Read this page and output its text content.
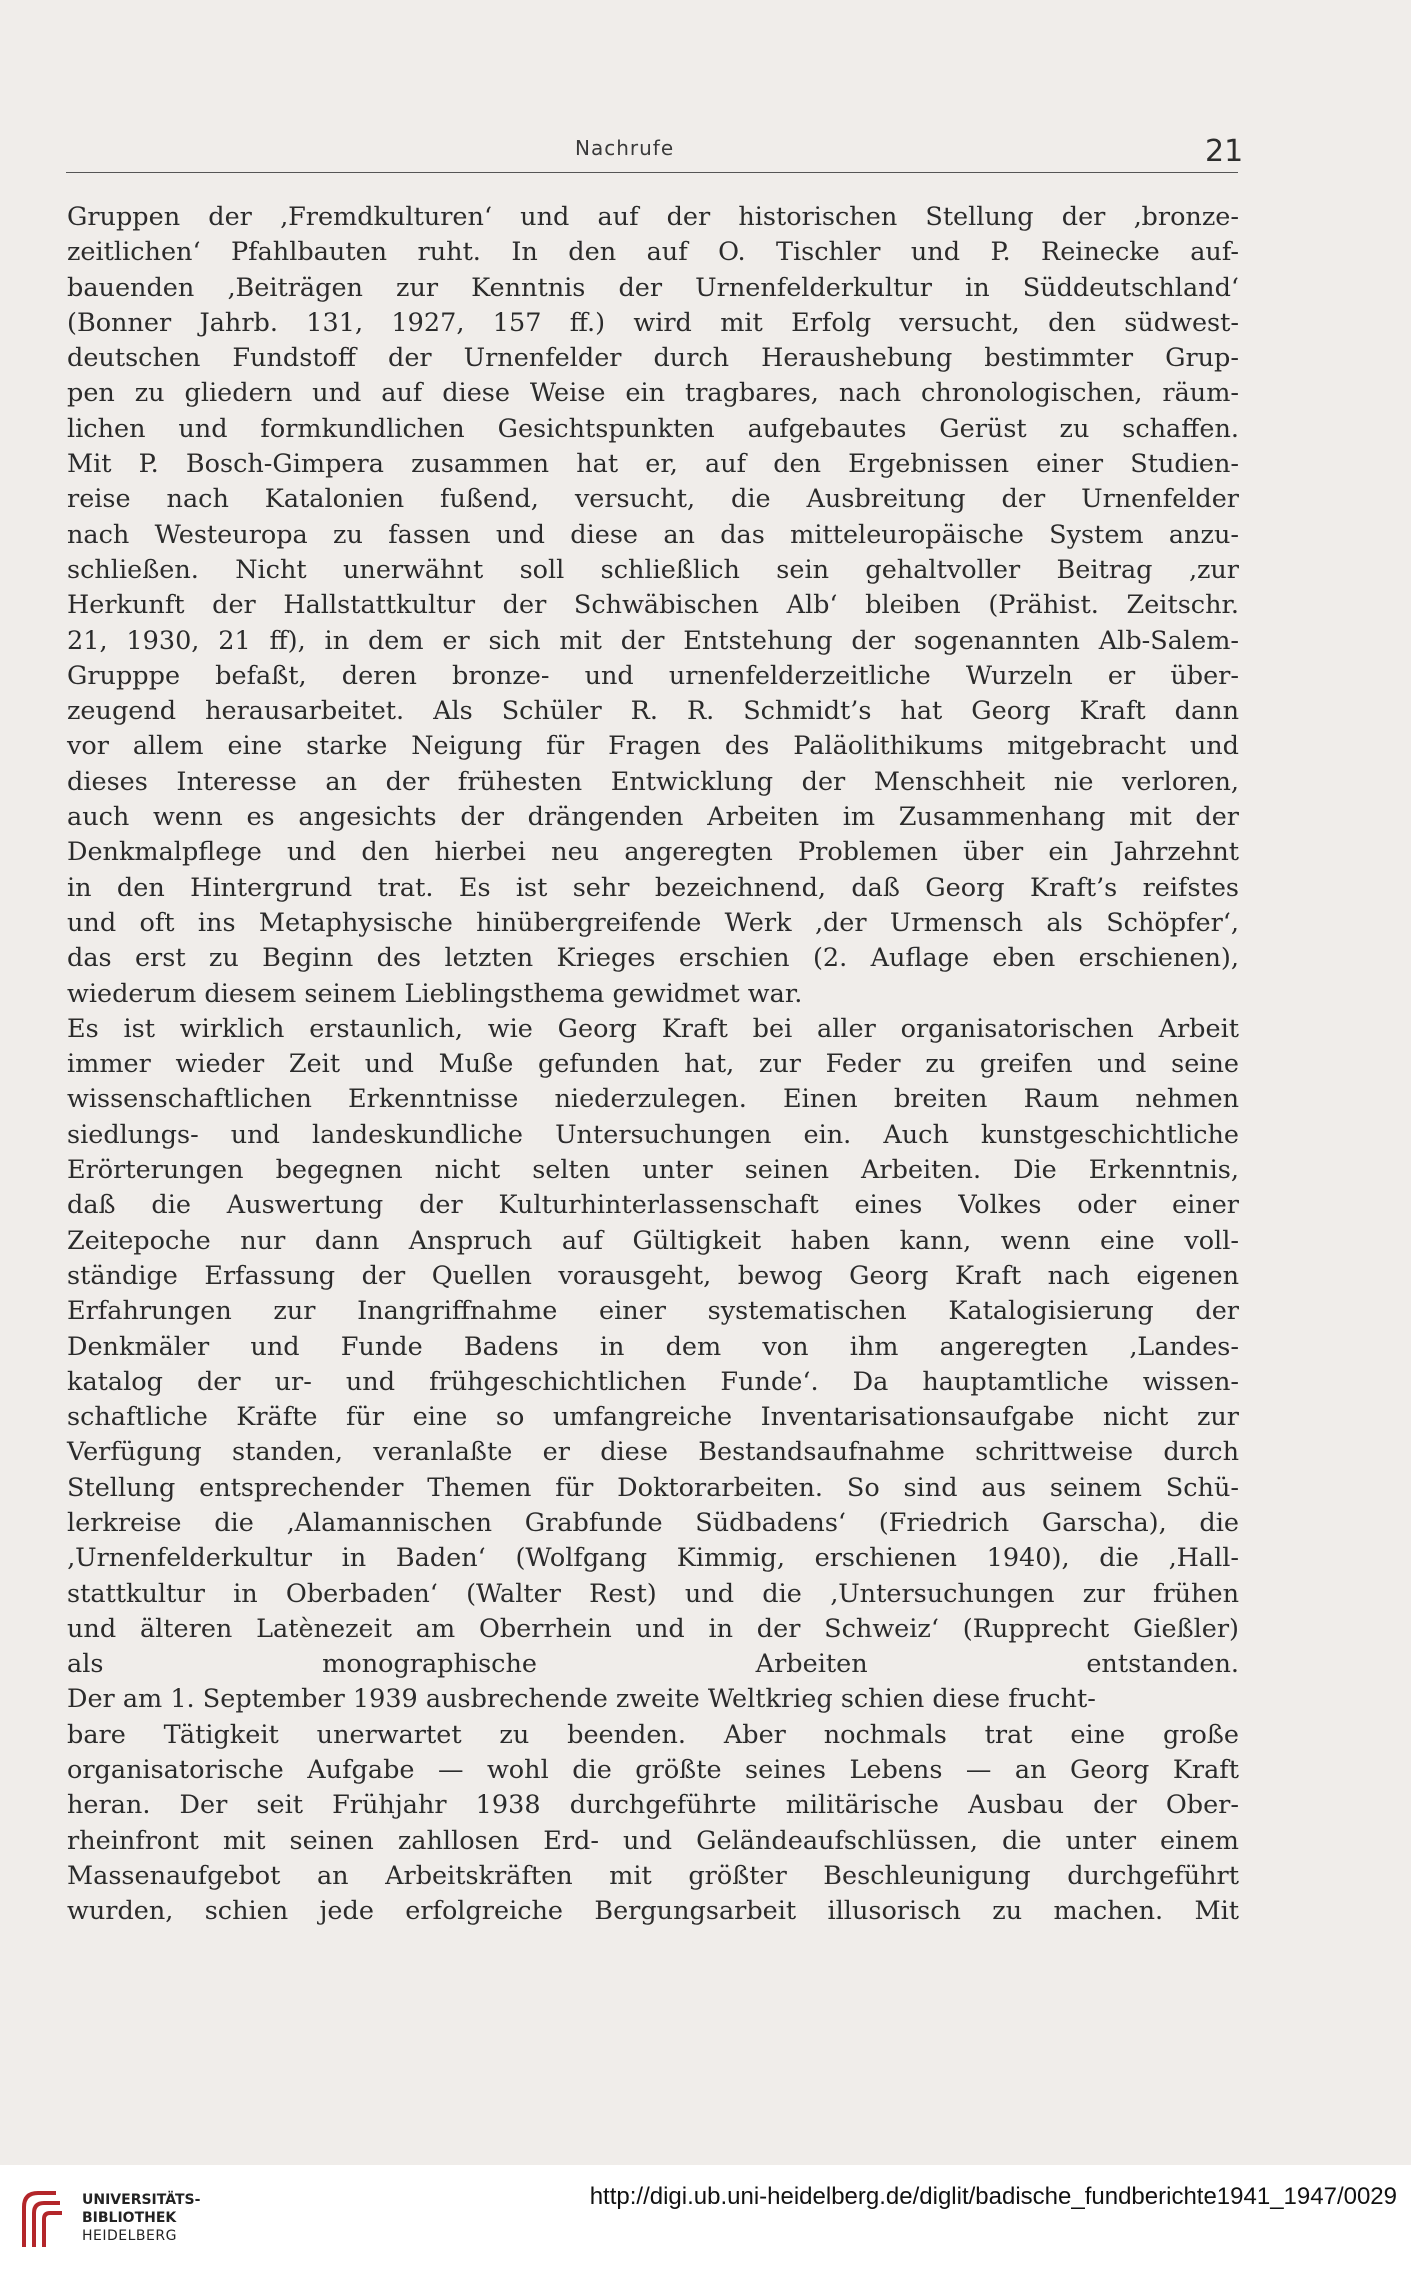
Nachrufe	21
Gruppen der ‚Fremdkulturen‘ und auf der historischen Stellung der ‚bronze-
zeitlichen‘ Pfahlbauten ruht. In den auf O. Tischler und P. Reinecke auf-
bauenden ‚Beiträgen zur Kenntnis der Urnenfelderkultur in Süddeutschland‘
(Bonner Jahrb. 131, 1927, 157 ff.) wird mit Erfolg versucht, den südwest-
deutschen Fundstoff der Urnenfelder durch Heraushebung bestimmter Grup-
pen zu gliedern und auf diese Weise ein tragbares, nach chronologischen, räum-
lichen und formkundlichen Gesichtspunkten aufgebautes Gerüst zu schaffen.
Mit P. Bosch-Gimpera zusammen hat er, auf den Ergebnissen einer Studien-
reise nach Katalonien fußend, versucht, die Ausbreitung der Urnenfelder
nach Westeuropa zu fassen und diese an das mitteleuropäische System anzu-
schließen. Nicht unerwähnt soll schließlich sein gehaltvoller Beitrag ‚zur
Herkunft der Hallstattkultur der Schwäbischen Alb‘ bleiben (Prähist. Zeitschr.
21, 1930, 21 ff), in dem er sich mit der Entstehung der sogenannten Alb-Salem-
Grupppe befaßt, deren bronze- und urnenfelderzeitliche Wurzeln er über-
zeugend herausarbeitet. Als Schüler R. R. Schmidt’s hat Georg Kraft dann
vor allem eine starke Neigung für Fragen des Paläolithikums mitgebracht und
dieses Interesse an der frühesten Entwicklung der Menschheit nie verloren,
auch wenn es angesichts der drängenden Arbeiten im Zusammenhang mit der
Denkmalpflege und den hierbei neu angeregten Problemen über ein Jahrzehnt
in den Hintergrund trat. Es ist sehr bezeichnend, daß Georg Kraft’s reifstes
und oft ins Metaphysische hinübergreifende Werk ‚der Urmensch als Schöpfer‘,
das erst zu Beginn des letzten Krieges erschien (2. Auflage eben erschienen),
wiederum diesem seinem Lieblingsthema gewidmet war.
Es ist wirklich erstaunlich, wie Georg Kraft bei aller organisatorischen Arbeit
immer wieder Zeit und Muße gefunden hat, zur Feder zu greifen und seine
wissenschaftlichen Erkenntnisse niederzulegen. Einen breiten Raum nehmen
siedlungs- und landeskundliche Untersuchungen ein. Auch kunstgeschichtliche
Erörterungen begegnen nicht selten unter seinen Arbeiten. Die Erkenntnis,
daß die Auswertung der Kulturhinterlassenschaft eines Volkes oder einer
Zeitepoche nur dann Anspruch auf Gültigkeit haben kann, wenn eine voll-
ständige Erfassung der Quellen vorausgeht, bewog Georg Kraft nach eigenen
Erfahrungen zur Inangriffnahme einer systematischen Katalogisierung der
Denkmäler und Funde Badens in dem von ihm angeregten ‚Landes-
katalog der ur- und frühgeschichtlichen Funde‘. Da hauptamtliche wissen-
schaftliche Kräfte für eine so umfangreiche Inventarisationsaufgabe nicht zur
Verfügung standen, veranlaßte er diese Bestandsaufnahme schrittweise durch
Stellung entsprechender Themen für Doktorarbeiten. So sind aus seinem Schü-
lerkreise die ‚Alamannischen Grabfunde Südbadens‘ (Friedrich Garscha), die
‚Urnenfelderkultur in Baden‘ (Wolfgang Kimmig, erschienen 1940), die ‚Hall-
stattkultur in Oberbaden‘ (Walter Rest) und die ‚Untersuchungen zur frühen
und älteren Latènezeit am Oberrhein und in der Schweiz‘ (Rupprecht Gießler)
als monographische Arbeiten entstanden.
Der am 1. September 1939 ausbrechende zweite Weltkrieg schien diese frucht-
bare Tätigkeit unerwartet zu beenden. Aber nochmals trat eine große
organisatorische Aufgabe — wohl die größte seines Lebens — an Georg Kraft
heran. Der seit Frühjahr 1938 durchgeführte militärische Ausbau der Ober-
rheinfront mit seinen zahllosen Erd- und Geländeaufschlüssen, die unter einem
Massenaufgebot an Arbeitskräften mit größter Beschleunigung durchgeführt
wurden, schien jede erfolgreiche Bergungsarbeit illusorisch zu machen. Mit
UNIVERSITÄTS-
BIBLIOTHEK
HEIDELBERG
http://digi.ub.uni-heidelberg.de/diglit/badische_fundberichte1941_1947/0029
